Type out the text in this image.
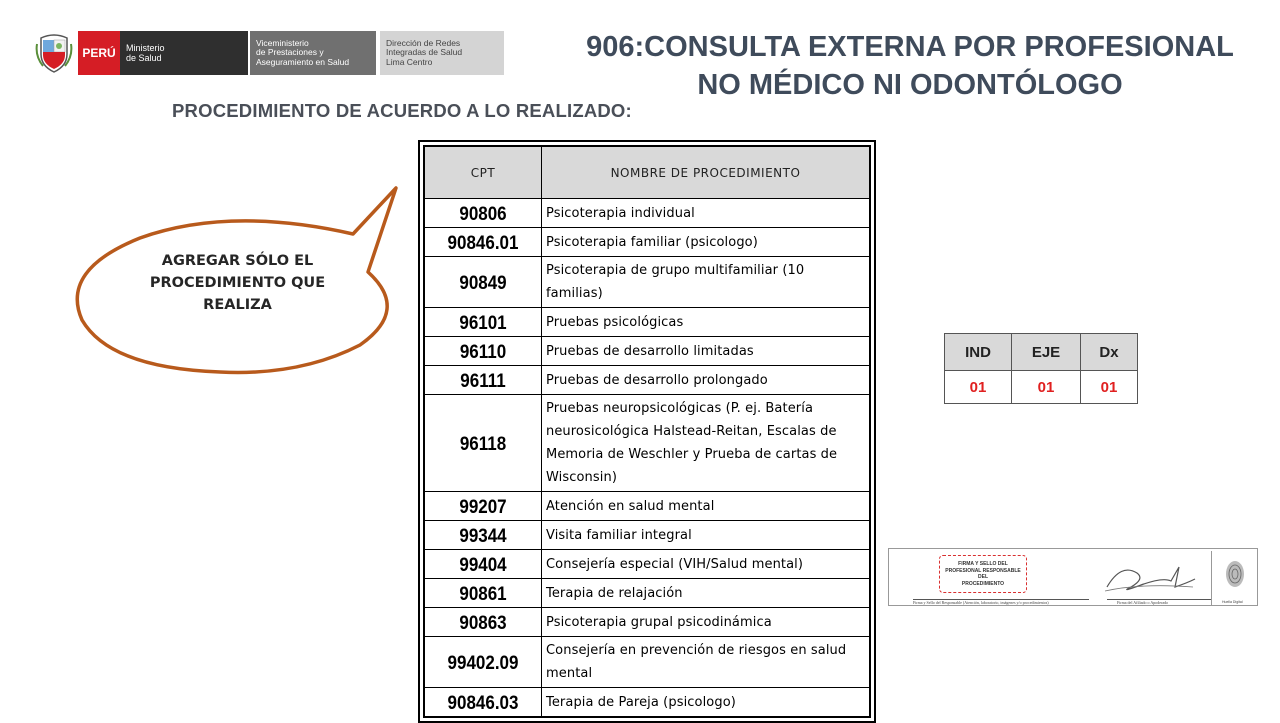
PERÚ Ministerio
de Salud
Viceministerio
de Prestaciones y
Aseguramiento en Salud
Dirección de Redes
Integradas de Salud
Lima Centro	906:CONSULTA EXTERNA POR PROFESIONAL
NO MÉDICO NI ODONTÓLOGO
PROCEDIMIENTO DE ACUERDO A LO REALIZADO:
AGREGAR SÓLO EL
PROCEDIMIENTO QUE
REALIZA
CPT	NOMBRE DE PROCEDIMIENTO
90806	Psicoterapia individual
90846.01	Psicoterapia familiar (psicologo)
90849	Psicoterapia de grupo multifamiliar (10 familias)
96101	Pruebas psicológicas
96110	Pruebas de desarrollo limitadas
96111	Pruebas de desarrollo prolongado
96118	Pruebas neuropsicológicas (P. ej. Batería neurosicológica Halstead-Reitan, Escalas de Memoria de Weschler y Prueba de cartas de Wisconsin)
99207	Atención en salud mental
99344	Visita familiar integral
99404	Consejería especial (VIH/Salud mental)
90861	Terapia de relajación
90863	Psicoterapia grupal psicodinámica
99402.09	Consejería en prevención de riesgos en salud mental
90846.03	Terapia de Pareja (psicologo)
IND	EJE	Dx
01	01	01
FIRMA Y SELLO DEL
PROFESIONAL RESPONSABLE DEL
PROCEDIMIENTO
Firma y Sello del Responsable (Atención, laboratorio, imágenes y/o procedimientos)	Firma del Afiliado o Apoderado	Huella Digital
